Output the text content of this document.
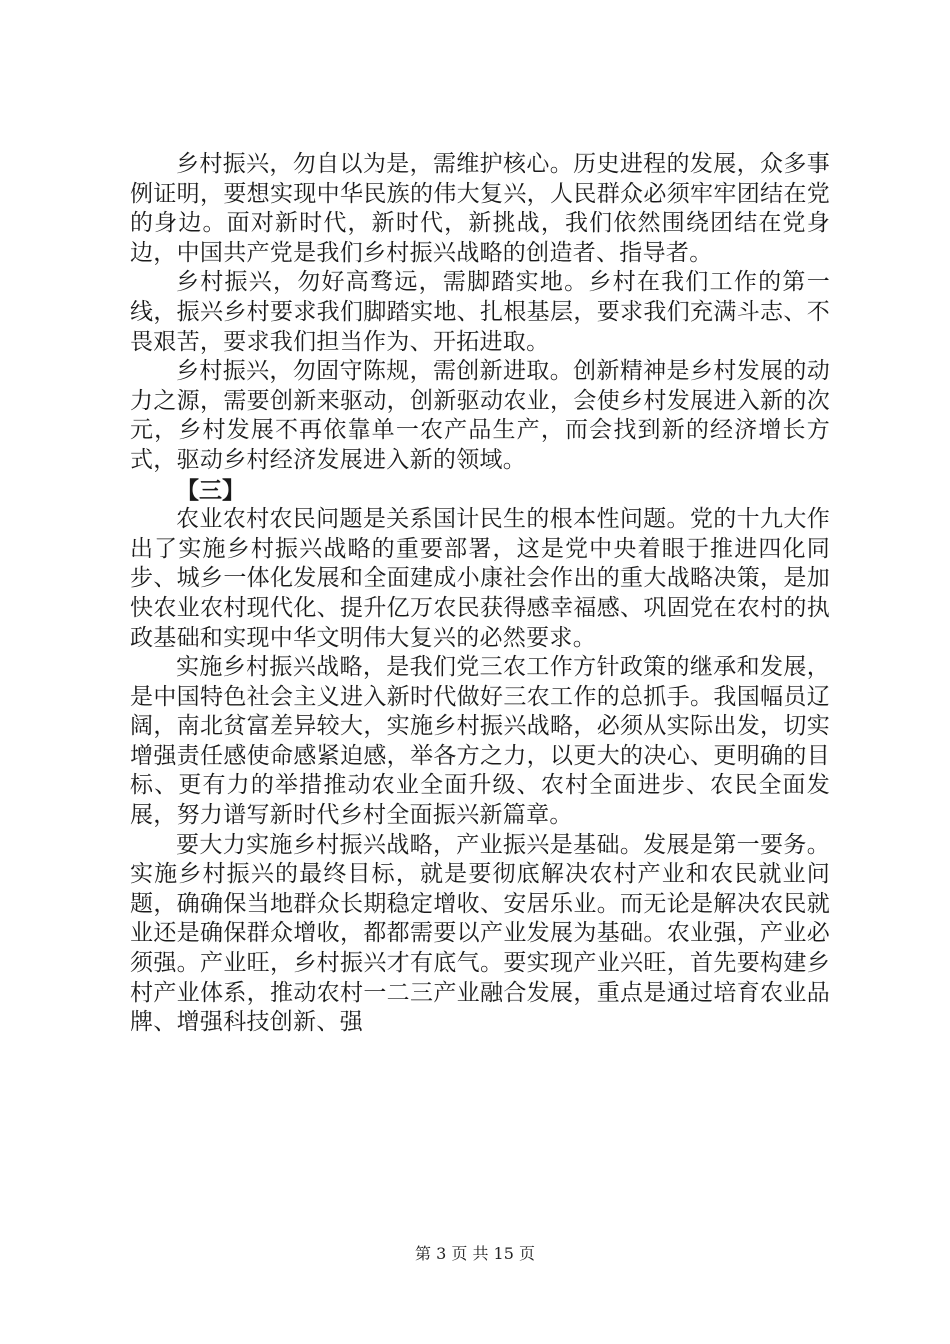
乡村振兴，勿自以为是，需维护核心。历史进程的发展，众多事例证明，要想实现中华民族的伟大复兴，人民群众必须牢牢团结在党的身边。面对新时代，新时代，新挑战，我们依然围绕团结在党身边，中国共产党是我们乡村振兴战略的创造者、指导者。

乡村振兴，勿好高骛远，需脚踏实地。乡村在我们工作的第一线，振兴乡村要求我们脚踏实地、扎根基层，要求我们充满斗志、不畏艰苦，要求我们担当作为、开拓进取。

乡村振兴，勿固守陈规，需创新进取。创新精神是乡村发展的动力之源，需要创新来驱动，创新驱动农业，会使乡村发展进入新的次元，乡村发展不再依靠单一农产品生产，而会找到新的经济增长方式，驱动乡村经济发展进入新的领域。

【三】

农业农村农民问题是关系国计民生的根本性问题。党的十九大作出了实施乡村振兴战略的重要部署，这是党中央着眼于推进四化同步、城乡一体化发展和全面建成小康社会作出的重大战略决策，是加快农业农村现代化、提升亿万农民获得感幸福感、巩固党在农村的执政基础和实现中华文明伟大复兴的必然要求。

实施乡村振兴战略，是我们党三农工作方针政策的继承和发展，是中国特色社会主义进入新时代做好三农工作的总抓手。我国幅员辽阔，南北贫富差异较大，实施乡村振兴战略，必须从实际出发，切实增强责任感使命感紧迫感，举各方之力，以更大的决心、更明确的目标、更有力的举措推动农业全面升级、农村全面进步、农民全面发展，努力谱写新时代乡村全面振兴新篇章。

要大力实施乡村振兴战略，产业振兴是基础。发展是第一要务。实施乡村振兴的最终目标，就是要彻底解决农村产业和农民就业问题，确确保当地群众长期稳定增收、安居乐业。而无论是解决农民就业还是确保群众增收，都都需要以产业发展为基础。农业强，产业必须强。产业旺，乡村振兴才有底气。要实现产业兴旺，首先要构建乡村产业体系，推动农村一二三产业融合发展，重点是通过培育农业品牌、增强科技创新、强

第 3 页 共 15 页
